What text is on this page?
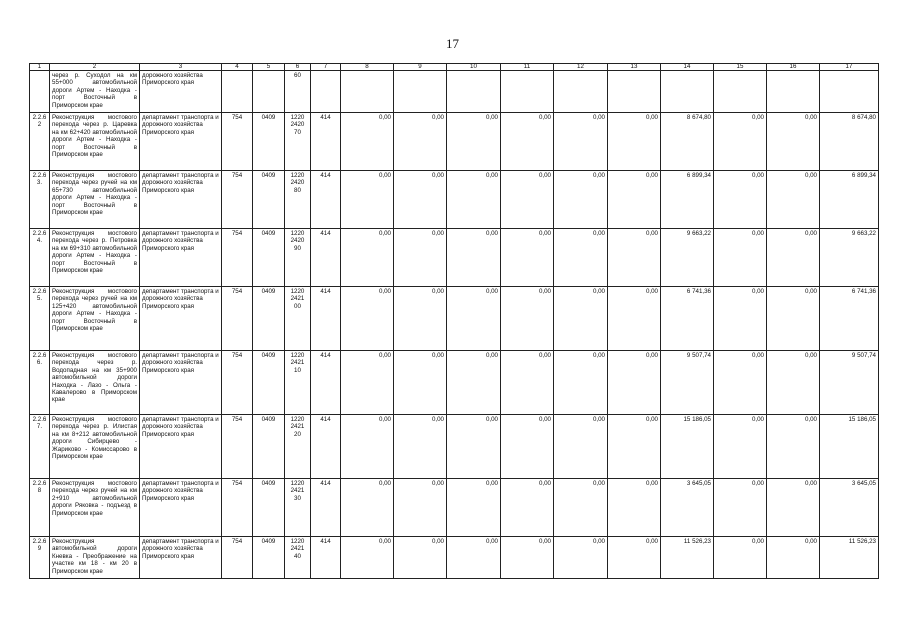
17
1	2	3	4	5	6	7	8	9	10	11	12	13	14	15	16	17
	через р. Суходол на км 55+000 автомобильной дороги Артем - Находка - порт Восточный в Приморском крае	дорожного хозяйства Приморского края			60											
2.2.6 2	Реконструкция мостового перехода через р. Царевка на км 62+420 автомобильной дороги Артем - Находка - порт Восточный в Приморском крае	департамент транспорта и дорожного хозяйства Приморского края	754	0409	1220 2420 70	414	0,00	0,00	0,00	0,00	0,00	0,00	8 674,80	0,00	0,00	8 674,80
2.2.6 3.	Реконструкция мостового перехода через ручей на км 65+730 автомобильной дороги Артем - Находка - порт Восточный в Приморском крае	департамент транспорта и дорожного хозяйства Приморского края	754	0409	1220 2420 80	414	0,00	0,00	0,00	0,00	0,00	0,00	6 899,34	0,00	0,00	6 899,34
2.2.6 4.	Реконструкция мостового перехода через р. Петровка на км 69+310 автомобильной дороги Артем - Находка - порт Восточный в Приморском крае	департамент транспорта и дорожного хозяйства Приморского края	754	0409	1220 2420 90	414	0,00	0,00	0,00	0,00	0,00	0,00	9 663,22	0,00	0,00	9 663,22
2.2.6 5.	Реконструкция мостового перехода через ручей на км 125+420 автомобильной дороги Артем - Находка - порт Восточный в Приморском крае	департамент транспорта и дорожного хозяйства Приморского края	754	0409	1220 2421 00	414	0,00	0,00	0,00	0,00	0,00	0,00	6 741,36	0,00	0,00	6 741,36
2.2.6 6.	Реконструкция мостового перехода через р. Водопадная на км 35+900 автомобильной дороги Находка - Лазо - Ольга - Кавалерово в Приморском крае	департамент транспорта и дорожного хозяйства Приморского края	754	0409	1220 2421 10	414	0,00	0,00	0,00	0,00	0,00	0,00	9 507,74	0,00	0,00	9 507,74
2.2.6 7.	Реконструкция мостового перехода через р. Илистая на км 8+212 автомобильной дороги Сибирцево - Жариково - Комиссарово в Приморском крае	департамент транспорта и дорожного хозяйства Приморского края	754	0409	1220 2421 20	414	0,00	0,00	0,00	0,00	0,00	0,00	15 186,05	0,00	0,00	15 186,05
2.2.6 8	Реконструкция мостового перехода через ручей на км 2+910 автомобильной дороги Ряковка - подъезд в Приморском крае	департамент транспорта и дорожного хозяйства Приморского края	754	0409	1220 2421 30	414	0,00	0,00	0,00	0,00	0,00	0,00	3 645,05	0,00	0,00	3 645,05
2.2.6 9	Реконструкция автомобильной дороги Кневка - Преображение на участке км 18 - км 20 в Приморском крае	департамент транспорта и дорожного хозяйства Приморского края	754	0409	1220 2421 40	414	0,00	0,00	0,00	0,00	0,00	0,00	11 526,23	0,00	0,00	11 526,23
